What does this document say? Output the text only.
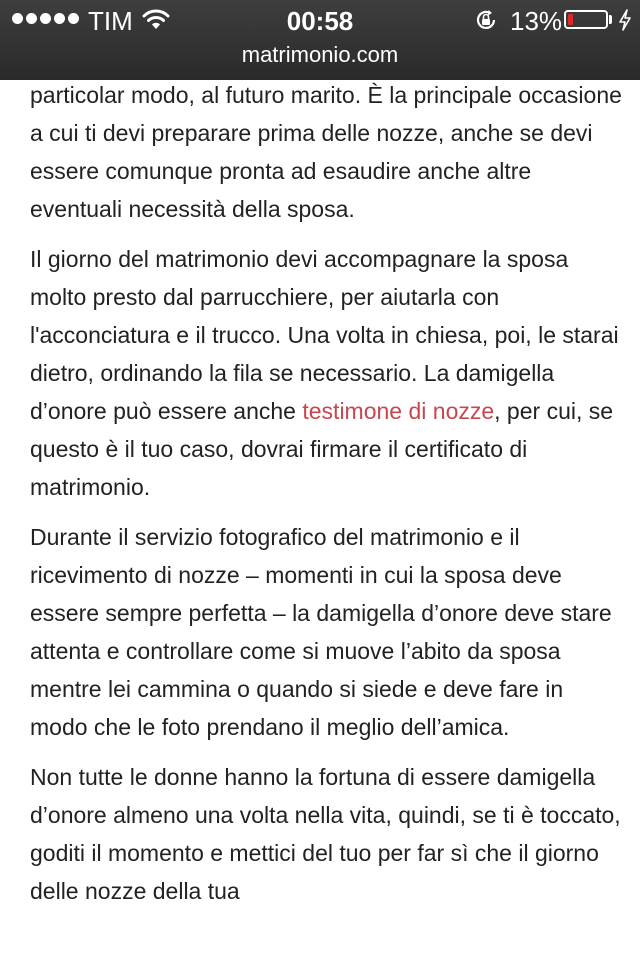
TIM	00:58	13%
matrimonio.com

particolar modo, al futuro marito. È la principale occasione a cui ti devi preparare prima delle nozze, anche se devi essere comunque pronta ad esaudire anche altre eventuali necessità della sposa.

Il giorno del matrimonio devi accompagnare la sposa molto presto dal parrucchiere, per aiutarla con l'acconciatura e il trucco. Una volta in chiesa, poi, le starai dietro, ordinando la fila se necessario. La damigella d’onore può essere anche testimone di nozze, per cui, se questo è il tuo caso, dovrai firmare il certificato di matrimonio.

Durante il servizio fotografico del matrimonio e il ricevimento di nozze – momenti in cui la sposa deve essere sempre perfetta – la damigella d’onore deve stare attenta e controllare come si muove l’abito da sposa mentre lei cammina o quando si siede e deve fare in modo che le foto prendano il meglio dell’amica.

Non tutte le donne hanno la fortuna di essere damigella d’onore almeno una volta nella vita, quindi, se ti è toccato, goditi il momento e mettici del tuo per far sì che il giorno delle nozze della tua
